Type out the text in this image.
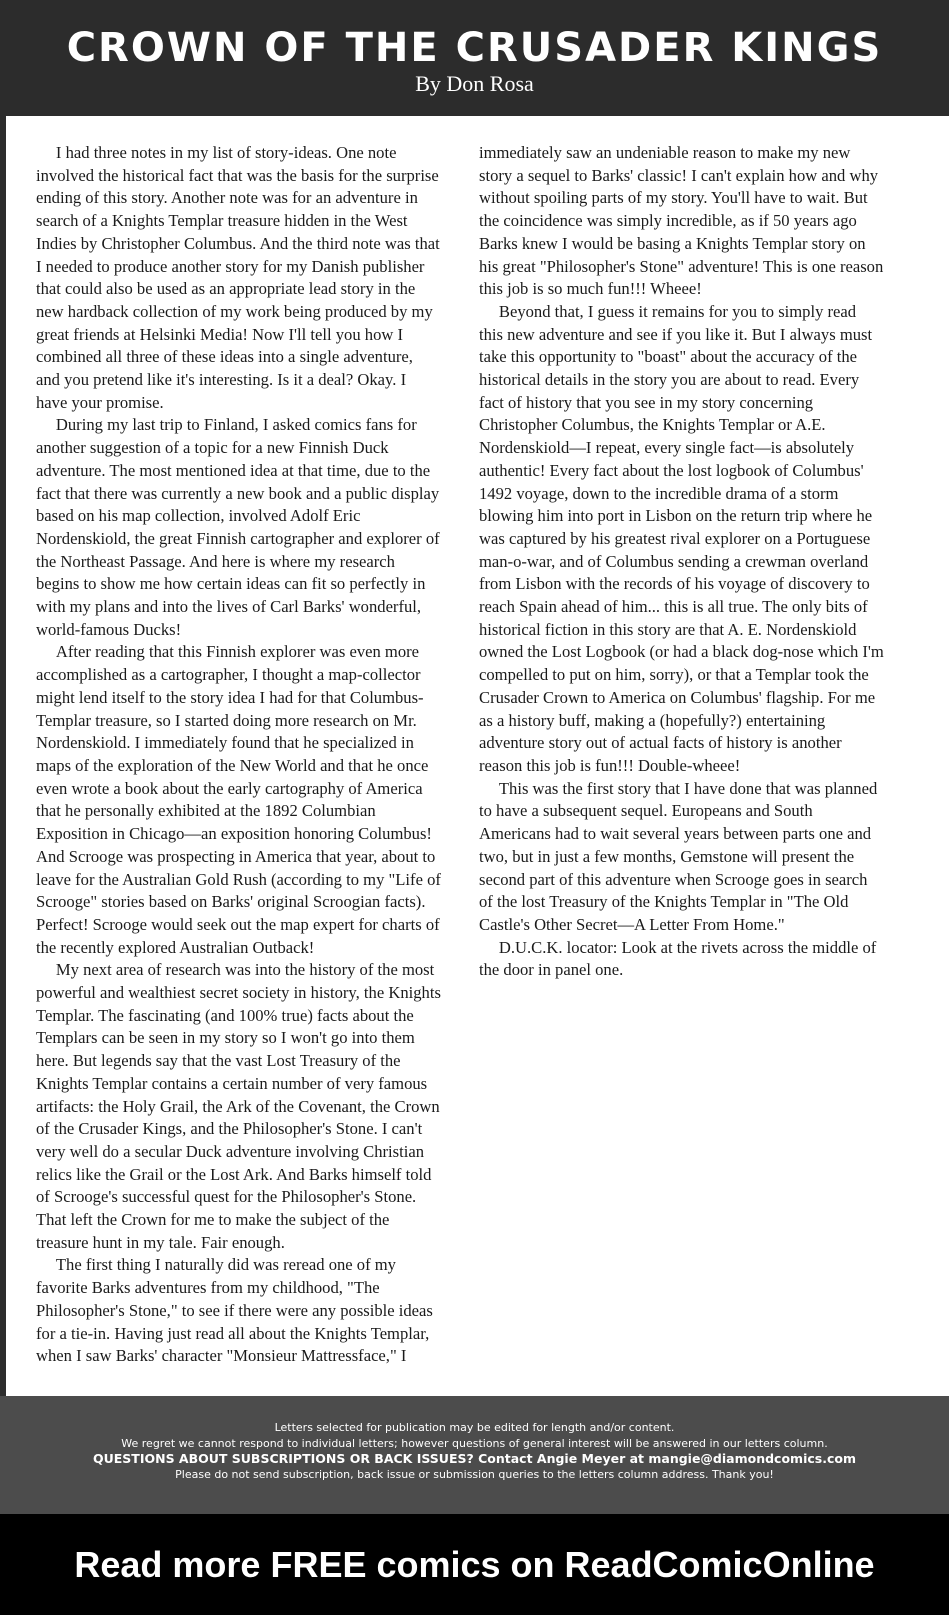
CROWN OF THE CRUSADER KINGS
By Don Rosa

I had three notes in my list of story-ideas. One note involved the historical fact that was the basis for the surprise ending of this story. Another note was for an adventure in search of a Knights Templar treasure hidden in the West Indies by Christopher Columbus. And the third note was that I needed to produce another story for my Danish publisher that could also be used as an appropriate lead story in the new hardback collection of my work being produced by my great friends at Helsinki Media! Now I'll tell you how I combined all three of these ideas into a single adventure, and you pretend like it's interesting. Is it a deal? Okay. I have your promise.

During my last trip to Finland, I asked comics fans for another suggestion of a topic for a new Finnish Duck adventure. The most mentioned idea at that time, due to the fact that there was currently a new book and a public display based on his map collection, involved Adolf Eric Nordenskiold, the great Finnish cartographer and explorer of the Northeast Passage. And here is where my research begins to show me how certain ideas can fit so perfectly in with my plans and into the lives of Carl Barks' wonderful, world-famous Ducks!

After reading that this Finnish explorer was even more accomplished as a cartographer, I thought a map-collector might lend itself to the story idea I had for that Columbus-Templar treasure, so I started doing more research on Mr. Nordenskiold. I immediately found that he specialized in maps of the exploration of the New World and that he once even wrote a book about the early cartography of America that he personally exhibited at the 1892 Columbian Exposition in Chicago—an exposition honoring Columbus! And Scrooge was prospecting in America that year, about to leave for the Australian Gold Rush (according to my "Life of Scrooge" stories based on Barks' original Scroogian facts). Perfect! Scrooge would seek out the map expert for charts of the recently explored Australian Outback!

My next area of research was into the history of the most powerful and wealthiest secret society in history, the Knights Templar. The fascinating (and 100% true) facts about the Templars can be seen in my story so I won't go into them here. But legends say that the vast Lost Treasury of the Knights Templar contains a certain number of very famous artifacts: the Holy Grail, the Ark of the Covenant, the Crown of the Crusader Kings, and the Philosopher's Stone. I can't very well do a secular Duck adventure involving Christian relics like the Grail or the Lost Ark. And Barks himself told of Scrooge's successful quest for the Philosopher's Stone. That left the Crown for me to make the subject of the treasure hunt in my tale. Fair enough.

The first thing I naturally did was reread one of my favorite Barks adventures from my childhood, "The Philosopher's Stone," to see if there were any possible ideas for a tie-in. Having just read all about the Knights Templar, when I saw Barks' character "Monsieur Mattressface," I immediately saw an undeniable reason to make my new story a sequel to Barks' classic! I can't explain how and why without spoiling parts of my story. You'll have to wait. But the coincidence was simply incredible, as if 50 years ago Barks knew I would be basing a Knights Templar story on his great "Philosopher's Stone" adventure! This is one reason this job is so much fun!!! Wheee!

Beyond that, I guess it remains for you to simply read this new adventure and see if you like it. But I always must take this opportunity to "boast" about the accuracy of the historical details in the story you are about to read. Every fact of history that you see in my story concerning Christopher Columbus, the Knights Templar or A.E. Nordenskiold—I repeat, every single fact—is absolutely authentic! Every fact about the lost logbook of Columbus' 1492 voyage, down to the incredible drama of a storm blowing him into port in Lisbon on the return trip where he was captured by his greatest rival explorer on a Portuguese man-o-war, and of Columbus sending a crewman overland from Lisbon with the records of his voyage of discovery to reach Spain ahead of him... this is all true. The only bits of historical fiction in this story are that A. E. Nordenskiold owned the Lost Logbook (or had a black dog-nose which I'm compelled to put on him, sorry), or that a Templar took the Crusader Crown to America on Columbus' flagship. For me as a history buff, making a (hopefully?) entertaining adventure story out of actual facts of history is another reason this job is fun!!! Double-wheee!

This was the first story that I have done that was planned to have a subsequent sequel. Europeans and South Americans had to wait several years between parts one and two, but in just a few months, Gemstone will present the second part of this adventure when Scrooge goes in search of the lost Treasury of the Knights Templar in "The Old Castle's Other Secret—A Letter From Home."

D.U.C.K. locator: Look at the rivets across the middle of the door in panel one.

Letters selected for publication may be edited for length and/or content.
We regret we cannot respond to individual letters; however questions of general interest will be answered in our letters column.
QUESTIONS ABOUT SUBSCRIPTIONS OR BACK ISSUES? Contact Angie Meyer at mangie@diamondcomics.com
Please do not send subscription, back issue or submission queries to the letters column address. Thank you!
Read more FREE comics on ReadComicOnline
